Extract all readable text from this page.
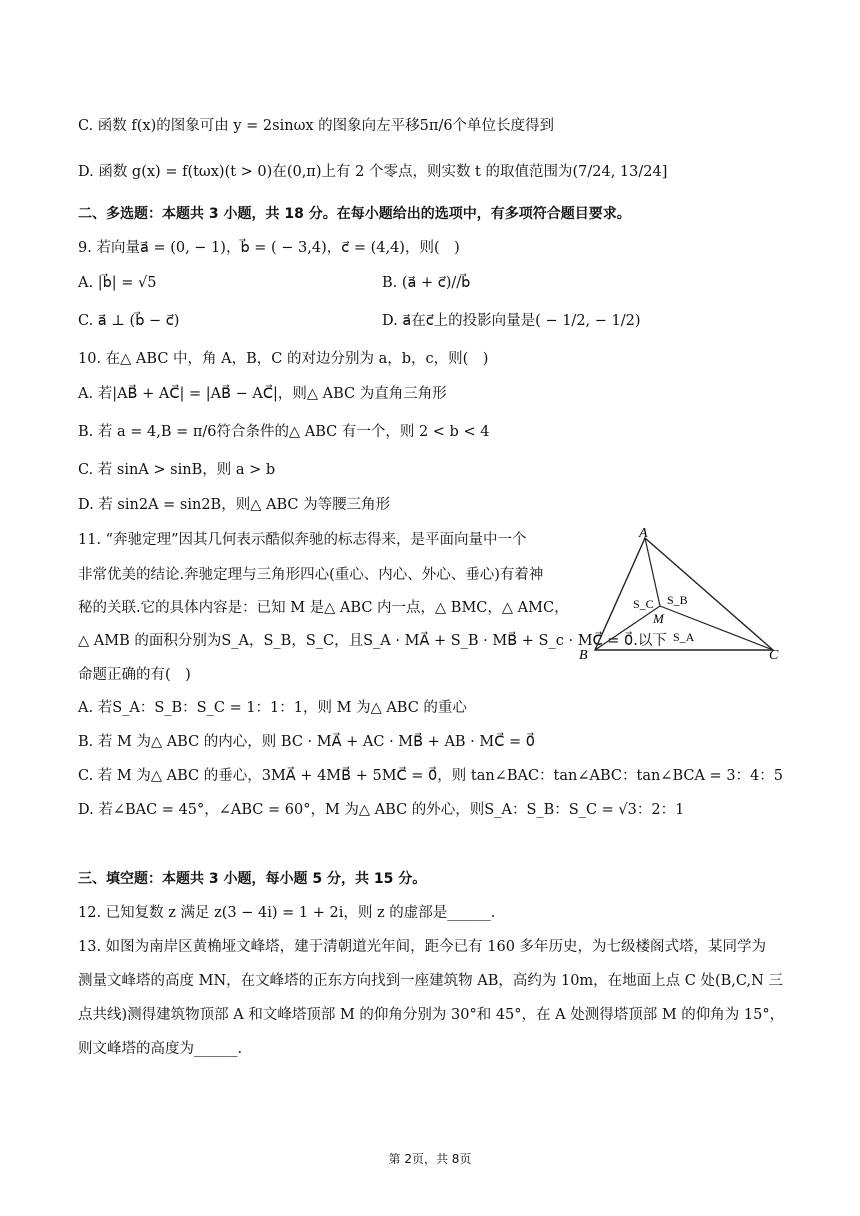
C. 函数 f(x)的图象可由 y = 2sinωx 的图象向左平移5π/6个单位长度得到
D. 函数 g(x) = f(tωx)(t > 0)在(0,π)上有 2 个零点，则实数 t 的取值范围为(7/24, 13/24]
二、多选题：本题共 3 小题，共 18 分。在每小题给出的选项中，有多项符合题目要求。
9. 若向量a⃗ = (0, − 1)，b⃗ = ( − 3,4)，c⃗ = (4,4)，则(　)
A. |b⃗| = √5	B. (a⃗ + c⃗)//b⃗
C. a⃗ ⊥ (b⃗ − c⃗)	D. a⃗在c⃗上的投影向量是( − 1/2, − 1/2)
10. 在△ ABC 中，角 A，B，C 的对边分别为 a，b，c，则(　)
A. 若|AB⃗ + AC⃗| = |AB⃗ − AC⃗|，则△ ABC 为直角三角形
B. 若 a = 4,B = π/6符合条件的△ ABC 有一个，则 2 < b < 4
C. 若 sinA > sinB，则 a > b
D. 若 sin2A = sin2B，则△ ABC 为等腰三角形
11. “奔驰定理”因其几何表示酷似奔驰的标志得来，是平面向量中一个
非常优美的结论.奔驰定理与三角形四心(重心、内心、外心、垂心)有着神
秘的关联.它的具体内容是：已知 M 是△ ABC 内一点，△ BMC，△ AMC，
△ AMB 的面积分别为S_A，S_B，S_C，且S_A · MA⃗ + S_B · MB⃗ + S_c · MC⃗ = 0⃗.以下
命题正确的有(　)
A
B	C
M
S_C S_B
S_A
A. 若S_A：S_B：S_C = 1：1：1，则 M 为△ ABC 的重心
B. 若 M 为△ ABC 的内心，则 BC · MA⃗ + AC · MB⃗ + AB · MC⃗ = 0⃗
C. 若 M 为△ ABC 的垂心，3MA⃗ + 4MB⃗ + 5MC⃗ = 0⃗，则 tan∠BAC：tan∠ABC：tan∠BCA = 3：4：5
D. 若∠BAC = 45°，∠ABC = 60°，M 为△ ABC 的外心，则S_A：S_B：S_C = √3：2：1
三、填空题：本题共 3 小题，每小题 5 分，共 15 分。
12. 已知复数 z 满足 z(3 − 4i) = 1 + 2i，则 z 的虚部是______.
13. 如图为南岸区黄桷垭文峰塔，建于清朝道光年间，距今已有 160 多年历史，为七级楼阁式塔，某同学为
测量文峰塔的高度 MN，在文峰塔的正东方向找到一座建筑物 AB，高约为 10m，在地面上点 C 处(B,C,N 三
点共线)测得建筑物顶部 A 和文峰塔顶部 M 的仰角分别为 30°和 45°，在 A 处测得塔顶部 M 的仰角为 15°，
则文峰塔的高度为______.
第 2页，共 8页
